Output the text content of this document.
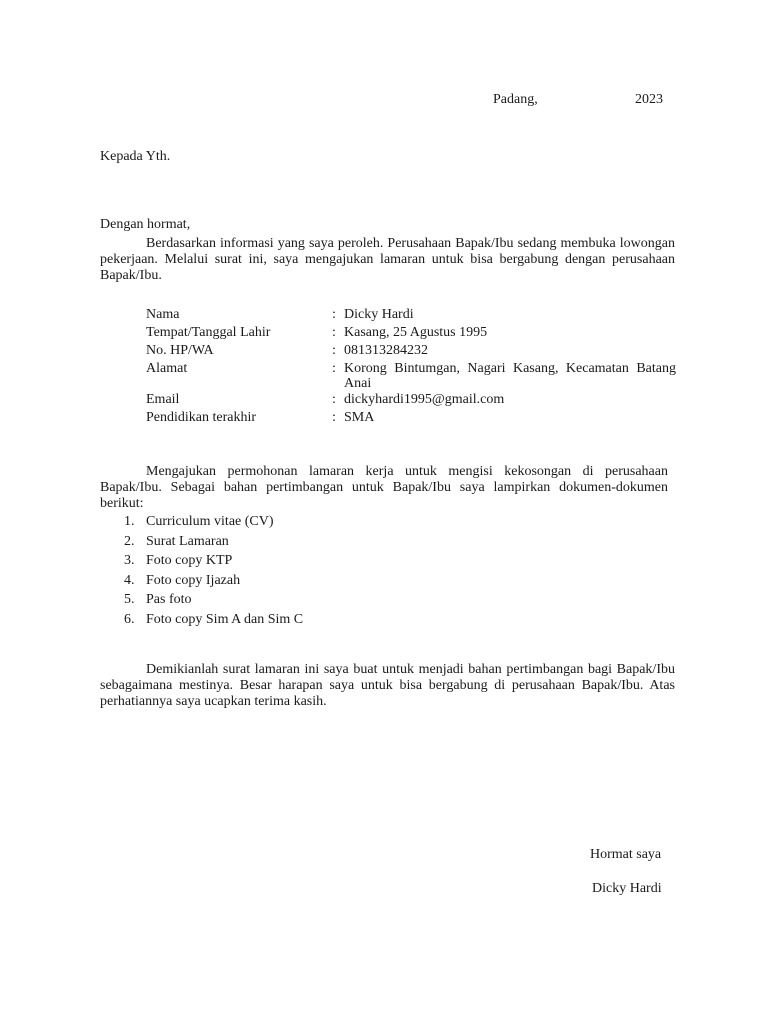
Padang,	2023
Kepada Yth.
Dengan hormat,
Berdasarkan informasi yang saya peroleh. Perusahaan Bapak/Ibu sedang membuka lowongan pekerjaan. Melalui surat ini, saya mengajukan lamaran untuk bisa bergabung dengan perusahaan Bapak/Ibu.
Nama	:	Dicky Hardi
Tempat/Tanggal Lahir	:	Kasang, 25 Agustus 1995
No. HP/WA	:	081313284232
Alamat	:	Korong Bintumgan, Nagari Kasang, Kecamatan Batang Anai
Email	:	dickyhardi1995@gmail.com
Pendidikan terakhir	:	SMA
Mengajukan permohonan lamaran kerja untuk mengisi kekosongan di perusahaan Bapak/Ibu. Sebagai bahan pertimbangan untuk Bapak/Ibu saya lampirkan dokumen-dokumen berikut:
1. Curriculum vitae (CV)
2. Surat Lamaran
3. Foto copy KTP
4. Foto copy Ijazah
5. Pas foto
6. Foto copy Sim A dan Sim C
Demikianlah surat lamaran ini saya buat untuk menjadi bahan pertimbangan bagi Bapak/Ibu sebagaimana mestinya. Besar harapan saya untuk bisa bergabung di perusahaan Bapak/Ibu. Atas perhatiannya saya ucapkan terima kasih.
Hormat saya
Dicky Hardi
